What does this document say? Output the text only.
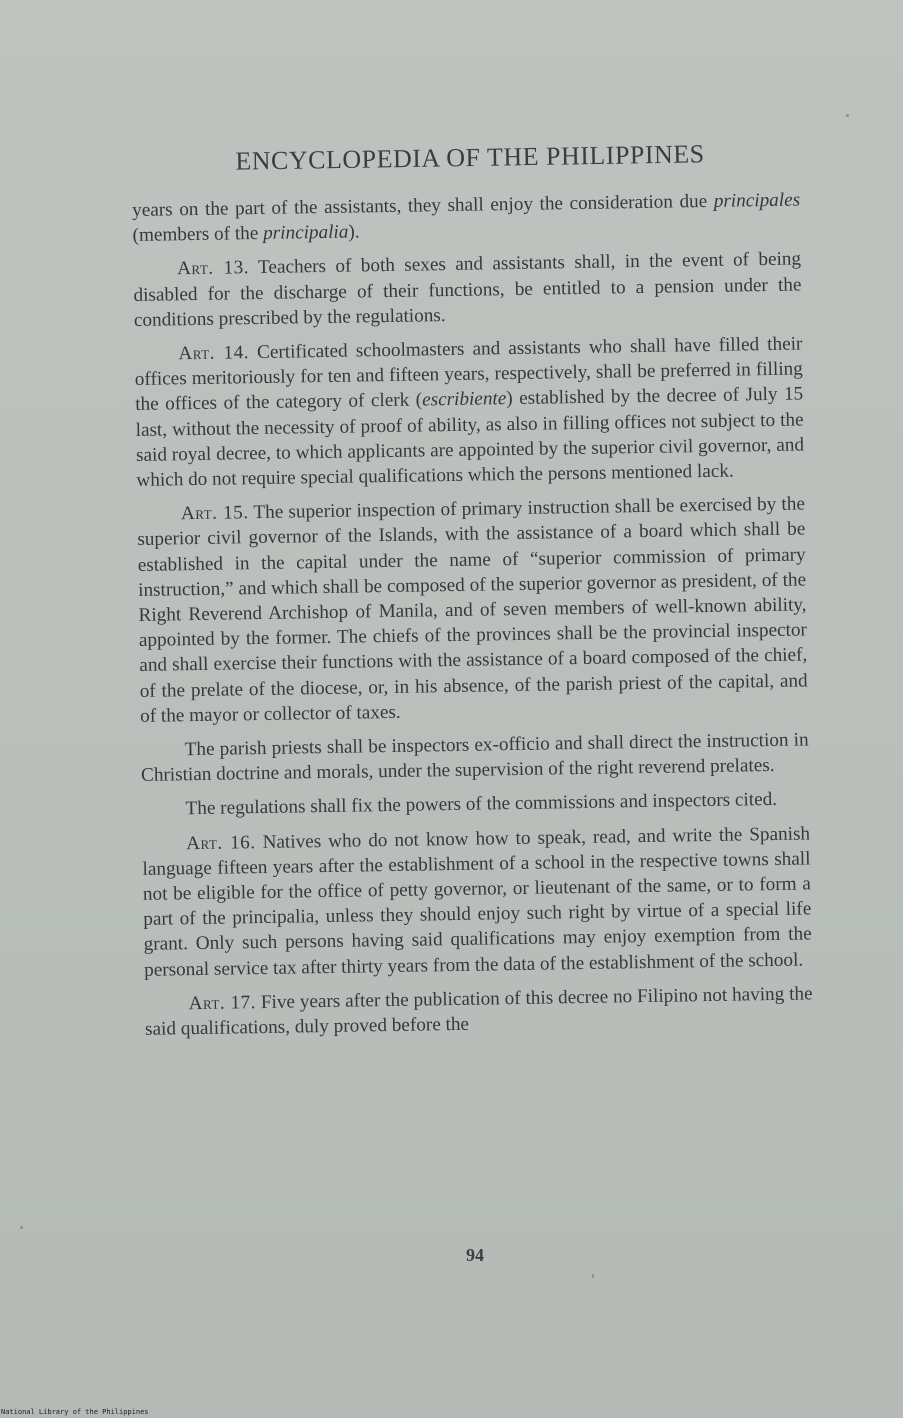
ENCYCLOPEDIA OF THE PHILIPPINES

years on the part of the assistants, they shall enjoy the consideration due principales (members of the principalia).

Art. 13. Teachers of both sexes and assistants shall, in the event of being disabled for the discharge of their functions, be entitled to a pension under the conditions prescribed by the regulations.

Art. 14. Certificated schoolmasters and assistants who shall have filled their offices meritoriously for ten and fifteen years, respectively, shall be preferred in filling the offices of the category of clerk (escribiente) established by the decree of July 15 last, without the necessity of proof of ability, as also in filling offices not subject to the said royal decree, to which applicants are appointed by the superior civil governor, and which do not require special qualifications which the persons mentioned lack.

Art. 15. The superior inspection of primary instruction shall be exercised by the superior civil governor of the Islands, with the assistance of a board which shall be established in the capital under the name of “superior commission of primary instruction,” and which shall be composed of the superior governor as president, of the Right Reverend Archishop of Manila, and of seven members of well-known ability, appointed by the former. The chiefs of the provinces shall be the provincial inspector and shall exercise their functions with the assistance of a board composed of the chief, of the prelate of the diocese, or, in his absence, of the parish priest of the capital, and of the mayor or collector of taxes.

The parish priests shall be inspectors ex-officio and shall direct the instruction in Christian doctrine and morals, under the supervision of the right reverend prelates.

The regulations shall fix the powers of the commissions and inspectors cited.

Art. 16. Natives who do not know how to speak, read, and write the Spanish language fifteen years after the establishment of a school in the respective towns shall not be eligible for the office of petty governor, or lieutenant of the same, or to form a part of the principalia, unless they should enjoy such right by virtue of a special life grant. Only such persons having said qualifications may enjoy exemption from the personal service tax after thirty years from the data of the establishment of the school.

Art. 17. Five years after the publication of this decree no Filipino not having the said qualifications, duly proved before the

94
National Library of the Philippines
